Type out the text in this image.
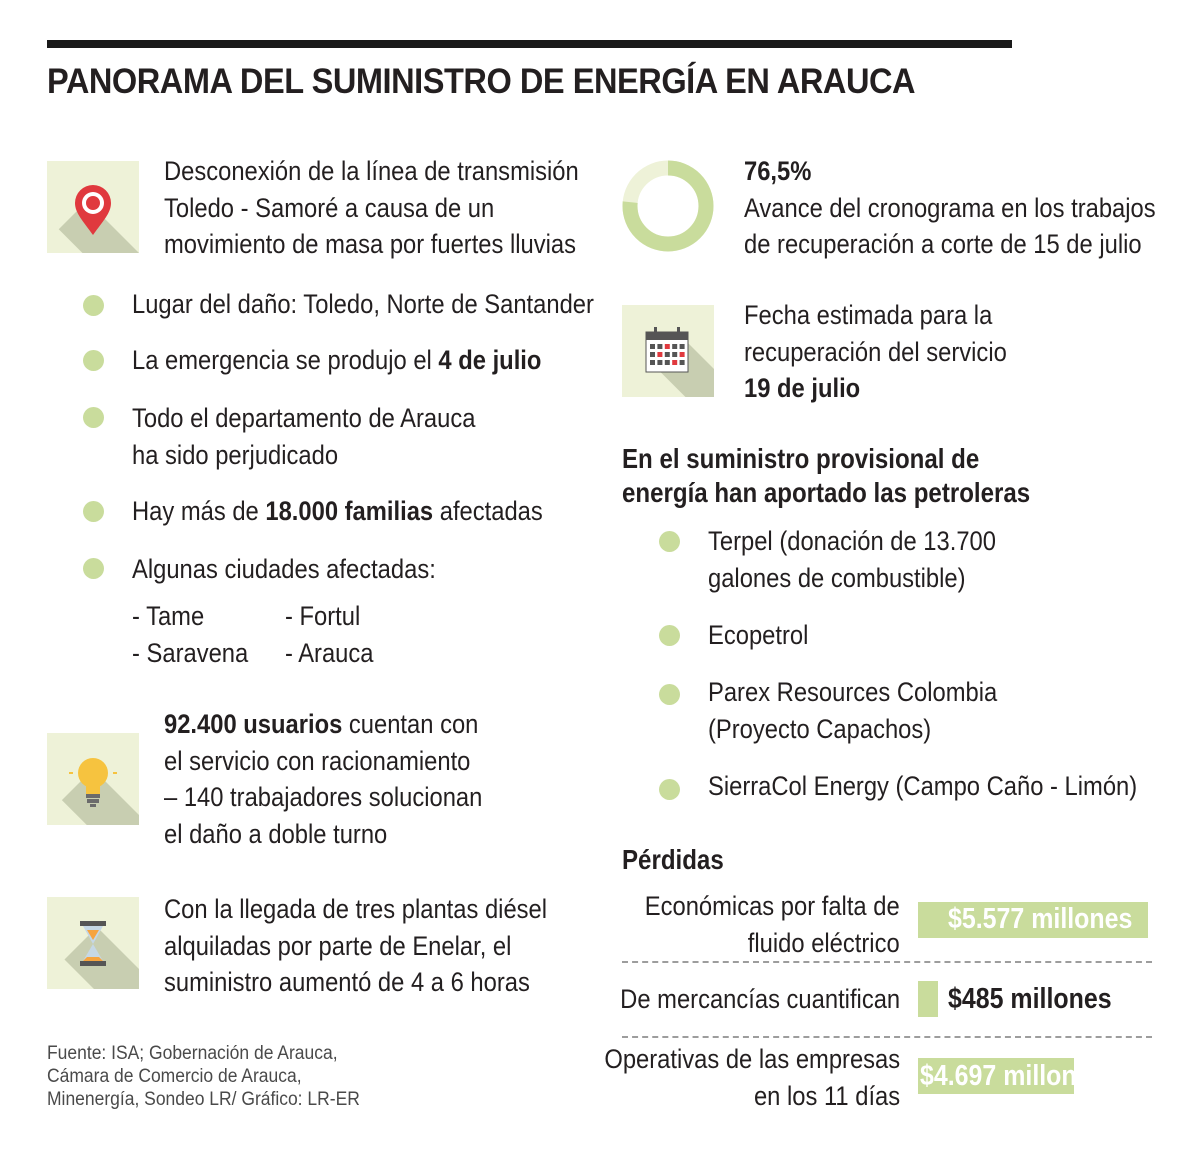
PANORAMA DEL SUMINISTRO DE ENERGÍA EN ARAUCA
Desconexión de la línea de transmisión
Toledo - Samoré a causa de un
movimiento de masa por fuertes lluvias
Lugar del daño: Toledo, Norte de Santander
La emergencia se produjo el 4 de julio
Todo el departamento de Arauca
ha sido perjudicado
Hay más de 18.000 familias afectadas
Algunas ciudades afectadas:
- Tame	- Fortul
- Saravena - Arauca
92.400 usuarios cuentan con
el servicio con racionamiento
– 140 trabajadores solucionan
el daño a doble turno
Con la llegada de tres plantas diésel
alquiladas por parte de Enelar, el
suministro aumentó de 4 a 6 horas
Fuente: ISA; Gobernación de Arauca,
Cámara de Comercio de Arauca,
Minenergía, Sondeo LR/ Gráfico: LR-ER
76,5%
Avance del cronograma en los trabajos
de recuperación a corte de 15 de julio
Fecha estimada para la
recuperación del servicio
19 de julio
En el suministro provisional de
energía han aportado las petroleras
Terpel (donación de 13.700
galones de combustible)
Ecopetrol
Parex Resources Colombia
(Proyecto Capachos)
SierraCol Energy (Campo Caño - Limón)
Pérdidas
Económicas por falta de
fluido eléctrico
$5.577 millones
De mercancías cuantifican $485 millones
Operativas de las empresas
en los 11 días
$4.697 millones
